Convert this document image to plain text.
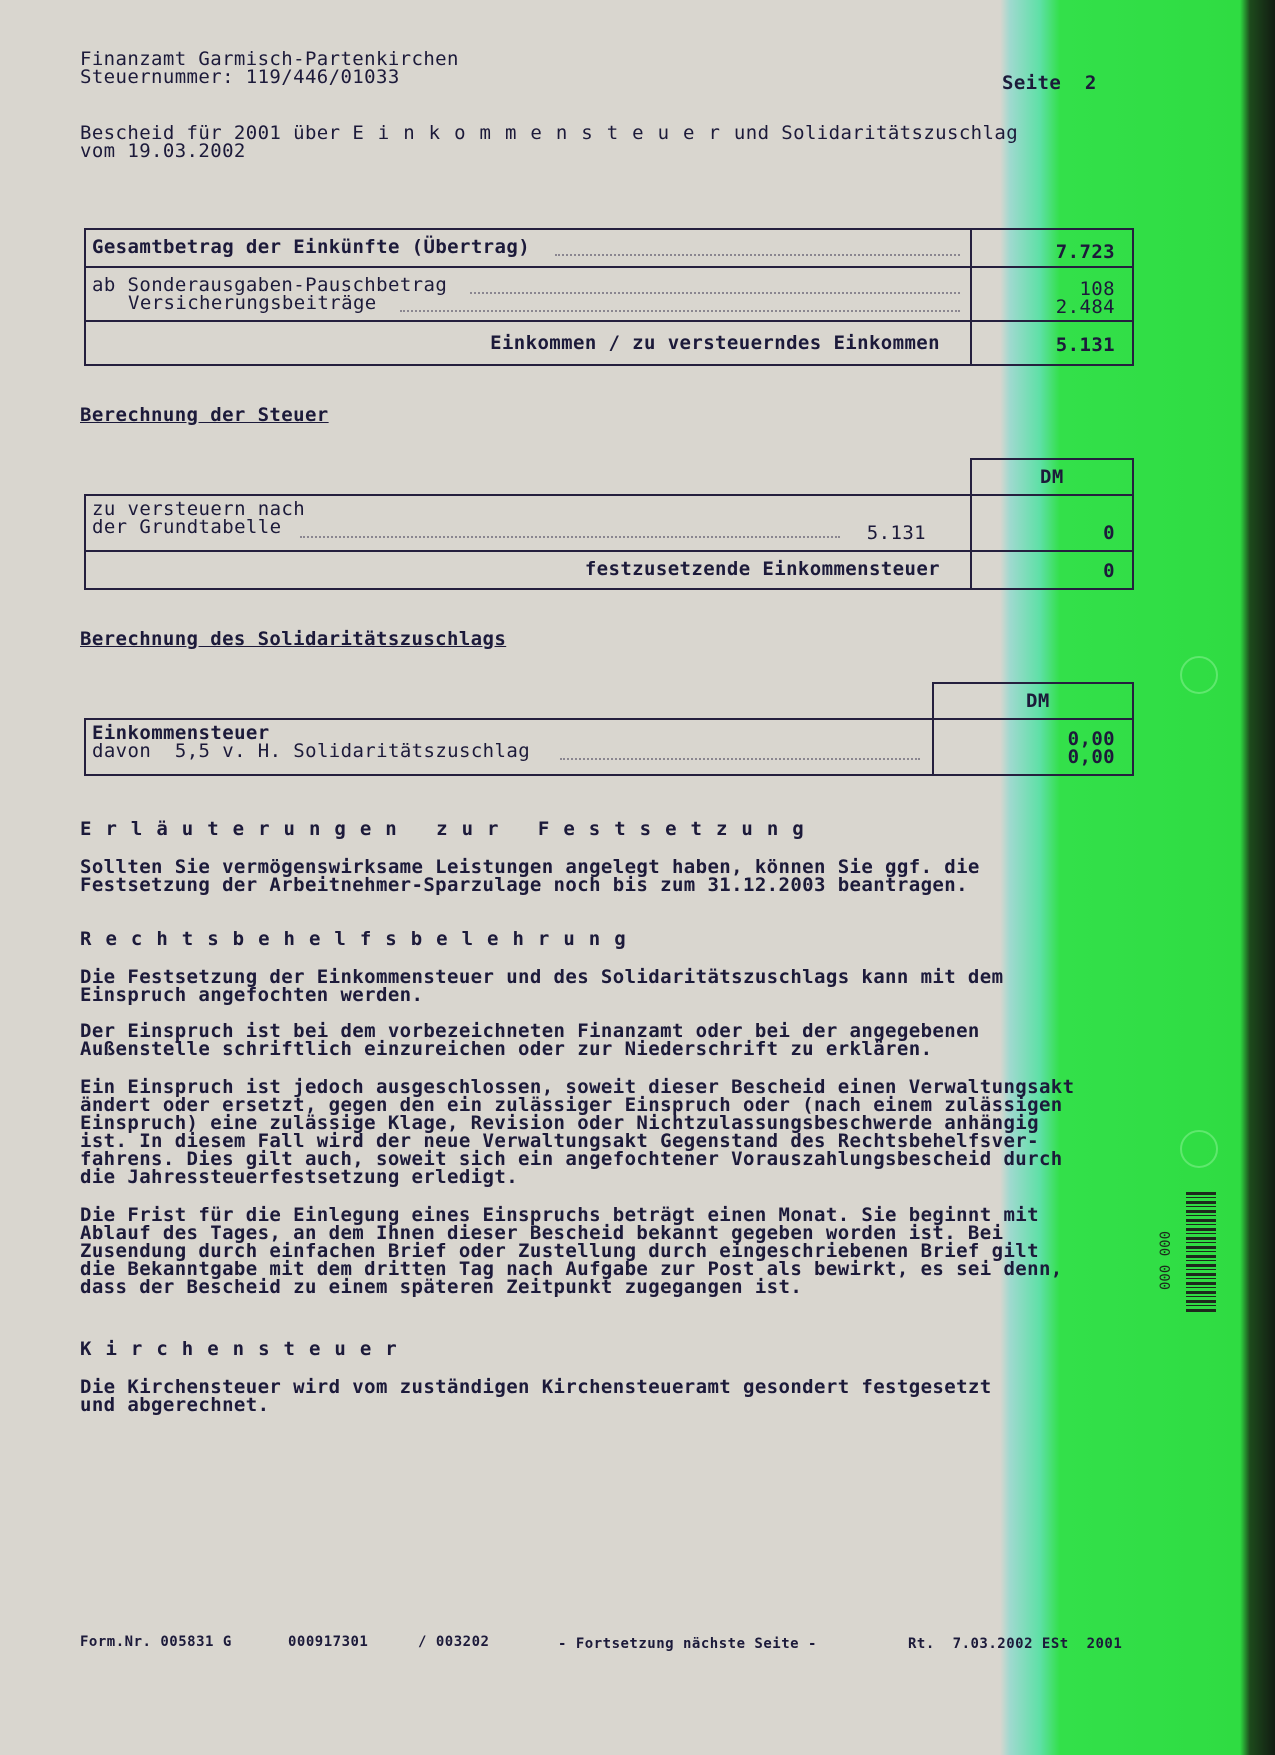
Finanzamt Garmisch-Partenkirchen
Steuernummer: 119/446/01033	Seite  2
Bescheid für 2001 über Einkommensteuerund Solidaritätszuschlag
vom 19.03.2002
Gesamtbetrag der Einkünfte (Übertrag)	7.723
ab Sonderausgaben-Pauschbetrag	108
Versicherungsbeiträge	2.484
Einkommen / zu versteuerndes Einkommen	5.131
Berechnung der Steuer
DM
zu versteuern nach
der Grundtabelle	5.131	0
festzusetzende Einkommensteuer	0
Berechnung des Solidaritätszuschlags
DM
Einkommensteuer	0,00
davon  5,5 v. H. Solidaritätszuschlag	0,00
Erläuterungen zur Festsetzung
Sollten Sie vermögenswirksame Leistungen angelegt haben, können Sie ggf. die
Festsetzung der Arbeitnehmer-Sparzulage noch bis zum 31.12.2003 beantragen.
Rechtsbehelfsbelehrung
Die Festsetzung der Einkommensteuer und des Solidaritätszuschlags kann mit dem
Einspruch angefochten werden.
Der Einspruch ist bei dem vorbezeichneten Finanzamt oder bei der angegebenen
Außenstelle schriftlich einzureichen oder zur Niederschrift zu erklären.
Ein Einspruch ist jedoch ausgeschlossen, soweit dieser Bescheid einen Verwaltungsakt
ändert oder ersetzt, gegen den ein zulässiger Einspruch oder (nach einem zulässigen
Einspruch) eine zulässige Klage, Revision oder Nichtzulassungsbeschwerde anhängig
ist. In diesem Fall wird der neue Verwaltungsakt Gegenstand des Rechtsbehelfsver-
fahrens. Dies gilt auch, soweit sich ein angefochtener Vorauszahlungsbescheid durch
die Jahressteuerfestsetzung erledigt.
Die Frist für die Einlegung eines Einspruchs beträgt einen Monat. Sie beginnt mit
Ablauf des Tages, an dem Ihnen dieser Bescheid bekannt gegeben worden ist. Bei
Zusendung durch einfachen Brief oder Zustellung durch eingeschriebenen Brief gilt
die Bekanntgabe mit dem dritten Tag nach Aufgabe zur Post als bewirkt, es sei denn,
dass der Bescheid zu einem späteren Zeitpunkt zugegangen ist.
Kirchensteuer
Die Kirchensteuer wird vom zuständigen Kirchensteueramt gesondert festgesetzt
und abgerechnet.
Form.Nr. 005831 G	000917301	/ 003202	- Fortsetzung nächste Seite -	Rt.  7.03.2002 ESt  2001
000 000
